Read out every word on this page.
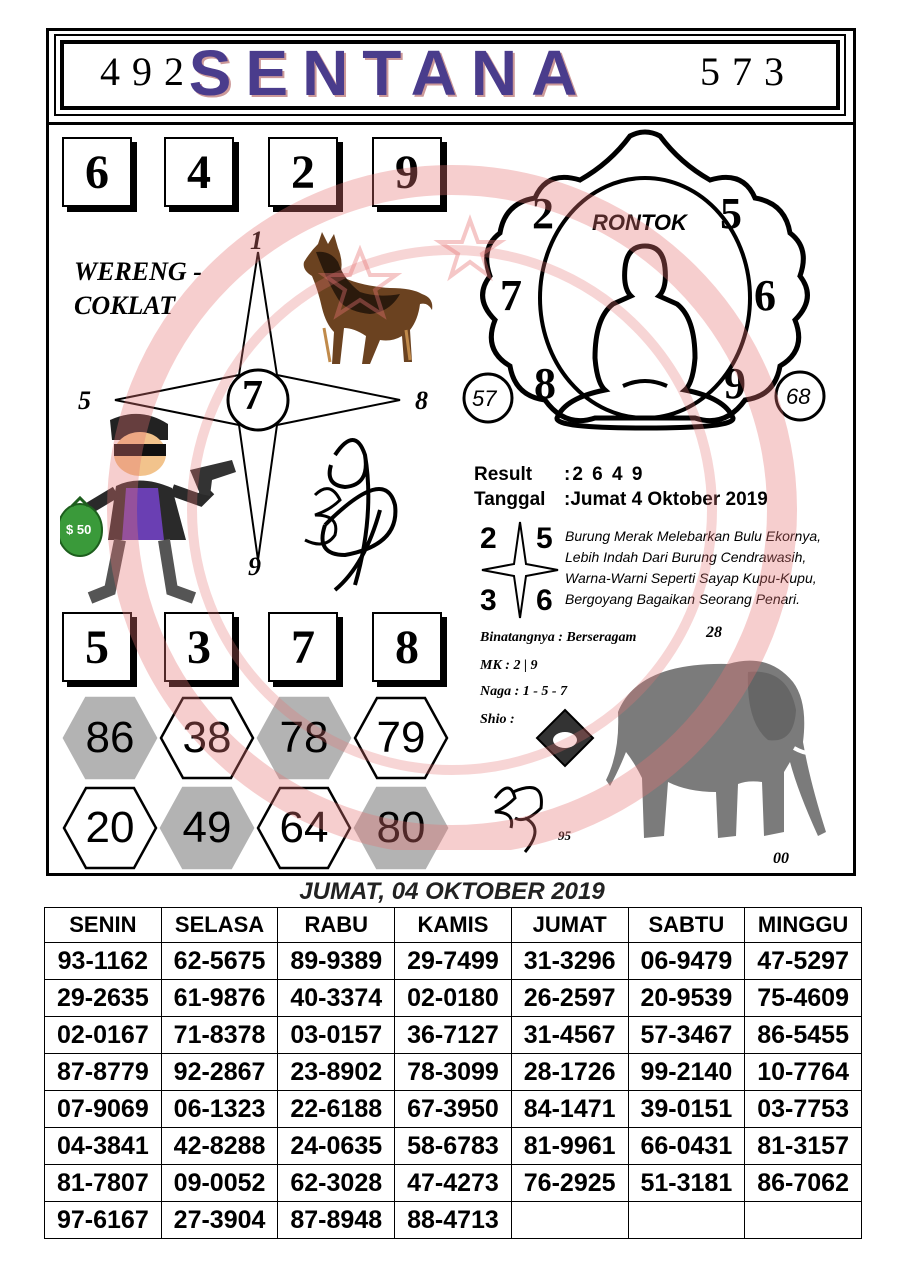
492
SENTANA	573
6	4	2	9
WERENG - COKLAT
1
5	8
9
7
$ 50
5	3	7	8
86 38 78 79
20 49 64 80
RONTOK
2	5
7	6
8	9
57	68
Result :2 6 4 9
Tanggal :Jumat 4 Oktober 2019
2 5
3 6
Burung Merak Melebarkan Bulu Ekornya,
Lebih Indah Dari Burung Cendrawasih,
Warna-Warni Seperti Sayap Kupu-Kupu,
Bergoyang Bagaikan Seorang Penari.
Binatangnya : Berseragam	28
MK : 2 | 9
Naga : 1 - 5 - 7
Shio :
95
00
JUMAT, 04 OKTOBER 2019
SENIN	SELASA	RABU	KAMIS	JUMAT	SABTU	MINGGU
93-1162	62-5675	89-9389	29-7499	31-3296	06-9479	47-5297
29-2635	61-9876	40-3374	02-0180	26-2597	20-9539	75-4609
02-0167	71-8378	03-0157	36-7127	31-4567	57-3467	86-5455
87-8779	92-2867	23-8902	78-3099	28-1726	99-2140	10-7764
07-9069	06-1323	22-6188	67-3950	84-1471	39-0151	03-7753
04-3841	42-8288	24-0635	58-6783	81-9961	66-0431	81-3157
81-7807	09-0052	62-3028	47-4273	76-2925	51-3181	86-7062
97-6167	27-3904	87-8948	88-4713			
